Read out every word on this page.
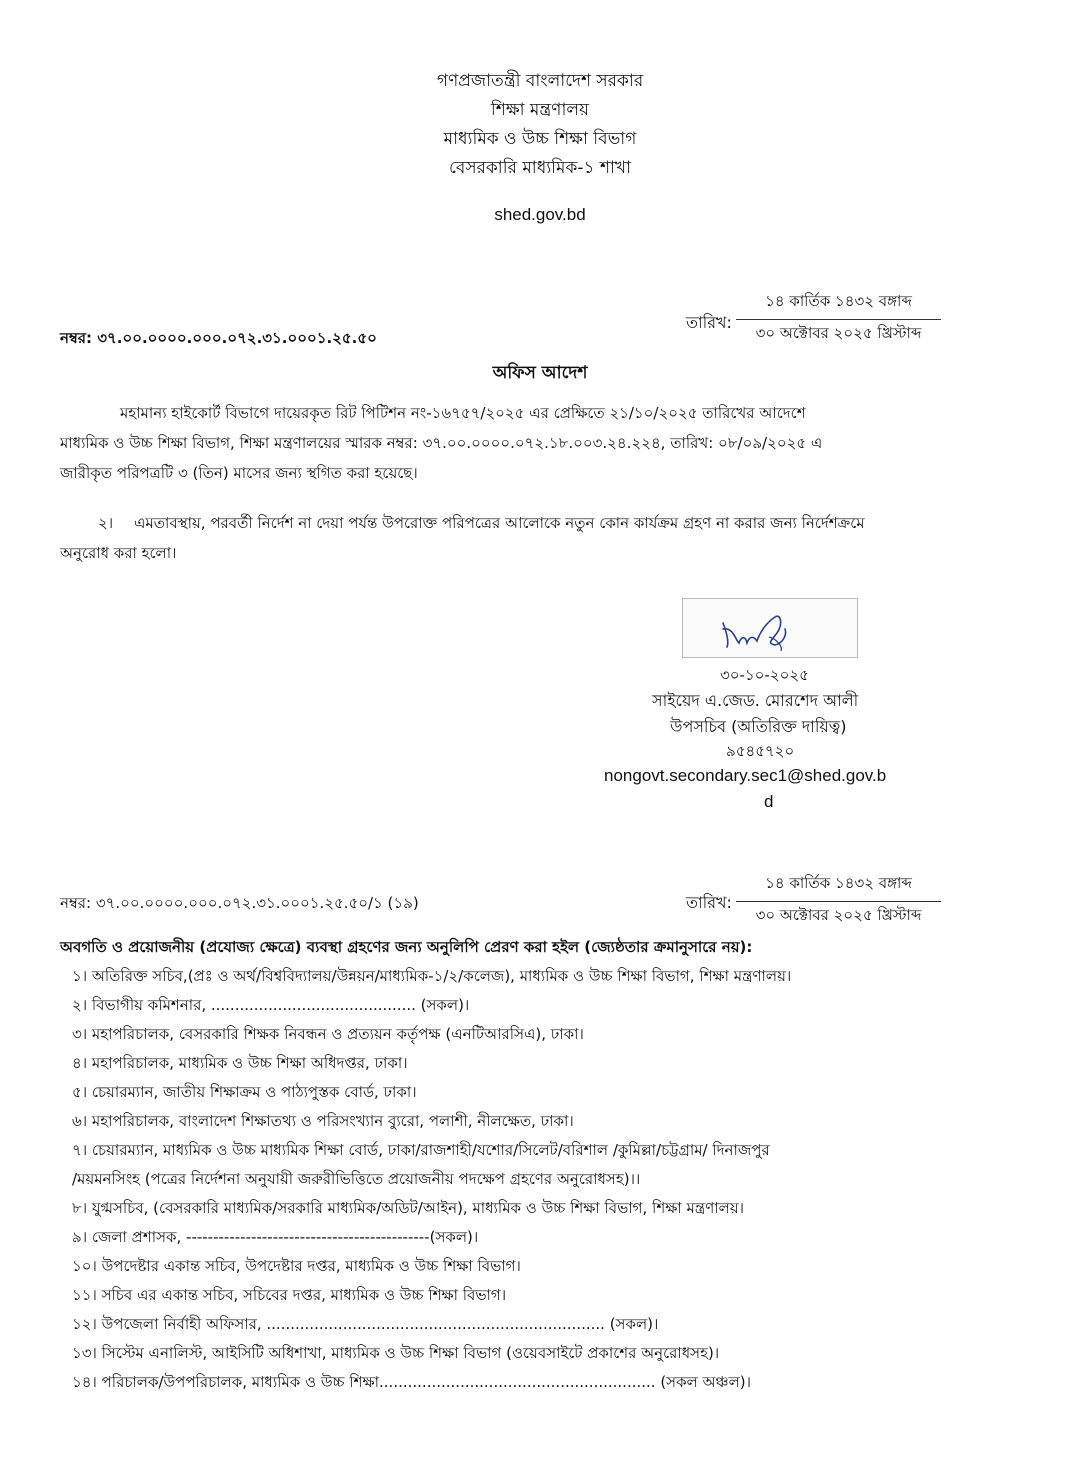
গণপ্রজাতন্ত্রী বাংলাদেশ সরকার
শিক্ষা মন্ত্রণালয়
মাধ্যমিক ও উচ্চ শিক্ষা বিভাগ
বেসরকারি মাধ্যমিক-১ শাখা
shed.gov.bd
নম্বর: ৩৭.০০.০০০০.০০০.০৭২.৩১.০০০১.২৫.৫০
তারিখ:
১৪ কার্তিক ১৪৩২ বঙ্গাব্দ
৩০ অক্টোবর ২০২৫ খ্রিস্টাব্দ
অফিস আদেশ
মহামান্য হাইকোর্ট বিভাগে দায়েরকৃত রিট পিটিশন নং-১৬৭৫৭/২০২৫ এর প্রেক্ষিতে ২১/১০/২০২৫ তারিখের আদেশে
মাধ্যমিক ও উচ্চ শিক্ষা বিভাগ, শিক্ষা মন্ত্রণালয়ের স্মারক নম্বর: ৩৭.০০.০০০০.০৭২.১৮.০০৩.২৪.২২৪, তারিখ: ০৮/০৯/২০২৫ এ
জারীকৃত পরিপত্রটি ৩ (তিন) মাসের জন্য স্থগিত করা হয়েছে।
২। এমতাবস্থায়, পরবর্তী নির্দেশ না দেয়া পর্যন্ত উপরোক্ত পরিপত্রের আলোকে নতুন কোন কার্যক্রম গ্রহণ না করার জন্য নির্দেশক্রমে
অনুরোধ করা হলো।
৩০-১০-২০২৫
সাইয়েদ এ.জেড. মোরশেদ আলী
উপসচিব (অতিরিক্ত দায়িত্ব)
৯৫৪৫৭২০
nongovt.secondary.sec1@shed.gov.b
d
নম্বর: ৩৭.০০.০০০০.০০০.০৭২.৩১.০০০১.২৫.৫০/১ (১৯)	তারিখ:
১৪ কার্তিক ১৪৩২ বঙ্গাব্দ
৩০ অক্টোবর ২০২৫ খ্রিস্টাব্দ
অবগতি ও প্রয়োজনীয় (প্রযোজ্য ক্ষেত্রে) ব্যবস্থা গ্রহণের জন্য অনুলিপি প্রেরণ করা হইল (জ্যেষ্ঠতার ক্রমানুসারে নয়):
১। অতিরিক্ত সচিব,(প্রঃ ও অর্থ/বিশ্ববিদ্যালয়/উন্নয়ন/মাধ্যমিক-১/২/কলেজ), মাধ্যমিক ও উচ্চ শিক্ষা বিভাগ, শিক্ষা মন্ত্রণালয়।
২। বিভাগীয় কমিশনার, ........................................... (সকল)।
৩। মহাপরিচালক, বেসরকারি শিক্ষক নিবন্ধন ও প্রত্যয়ন কর্তৃপক্ষ (এনটিআরসিএ), ঢাকা।
৪। মহাপরিচালক, মাধ্যমিক ও উচ্চ শিক্ষা অধিদপ্তর, ঢাকা।
৫। চেয়ারম্যান, জাতীয় শিক্ষাক্রম ও পাঠ্যপুস্তক বোর্ড, ঢাকা।
৬। মহাপরিচালক, বাংলাদেশ শিক্ষাতথ্য ও পরিসংখ্যান ব্যুরো, পলাশী, নীলক্ষেত, ঢাকা।
৭। চেয়ারম্যান, মাধ্যমিক ও উচ্চ মাধ্যমিক শিক্ষা বোর্ড, ঢাকা/রাজশাহী/যশোর/সিলেট/বরিশাল /কুমিল্লা/চট্টগ্রাম/ দিনাজপুর
/ময়মনসিংহ (পত্রের নির্দেশনা অনুযায়ী জরুরীভিত্তিতে প্রয়োজনীয় পদক্ষেপ গ্রহণের অনুরোধসহ)।।
৮। যুগ্মসচিব, (বেসরকারি মাধ্যমিক/সরকারি মাধ্যমিক/অডিট/আইন), মাধ্যমিক ও উচ্চ শিক্ষা বিভাগ, শিক্ষা মন্ত্রণালয়।
৯। জেলা প্রশাসক, ---------------------------------------------(সকল)।
১০। উপদেষ্টার একান্ত সচিব, উপদেষ্টার দপ্তর, মাধ্যমিক ও উচ্চ শিক্ষা বিভাগ।
১১। সচিব এর একান্ত সচিব, সচিবের দপ্তর, মাধ্যমিক ও উচ্চ শিক্ষা বিভাগ।
১২। উপজেলা নির্বাহী অফিসার, ....................................................................... (সকল)।
১৩। সিস্টেম এনালিস্ট, আইসিটি অধিশাখা, মাধ্যমিক ও উচ্চ শিক্ষা বিভাগ (ওয়েবসাইটে প্রকাশের অনুরোধসহ)।
১৪। পরিচালক/উপপরিচালক, মাধ্যমিক ও উচ্চ শিক্ষা.......................................................... (সকল অঞ্চল)।
